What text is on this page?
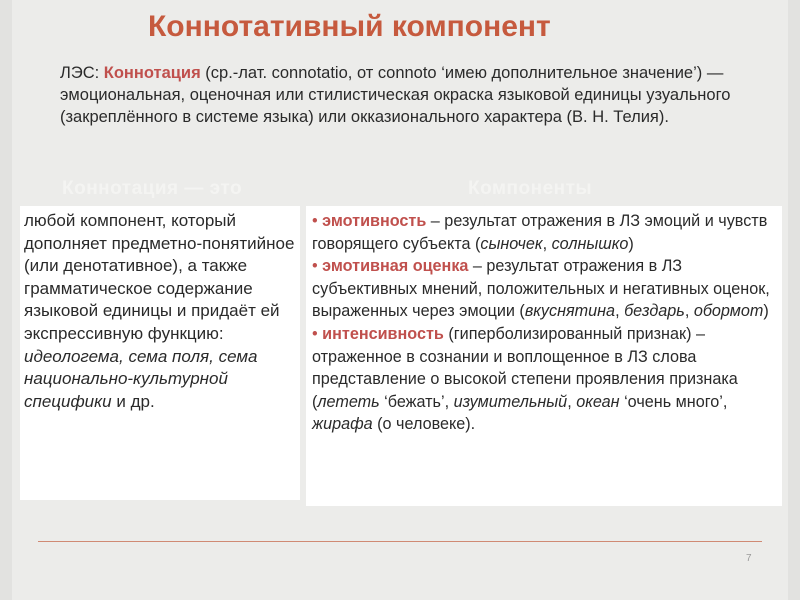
Коннотативный компонент
ЛЭС: Коннотация (ср.-лат. connotatio, от connoto ‘имею дополнительное значение’) — эмоциональная, оценочная или стилистическая окраска языковой единицы узуального (закреплённого в системе языка) или окказионального характера (В. Н. Телия).
Коннотация — это	Компоненты
любой компонент, который дополняет предметно-понятийное (или денотативное), а также грамматическое содержание языковой единицы и придаёт ей экспрессивную функцию: идеологема, сема поля, сема национально-культурной специфики и др.
• эмотивность – результат отражения в ЛЗ эмоций и чувств говорящего субъекта (сыночек, солнышко)
• эмотивная оценка – результат отражения в ЛЗ субъективных мнений, положительных и негативных оценок, выраженных через эмоции (вкуснятина, бездарь, обормот)
• интенсивность (гиперболизированный признак) – отраженное в сознании и воплощенное в ЛЗ слова представление о высокой степени проявления признака (лететь ‘бежать’, изумительный, океан ‘очень много’, жирафа (о человеке).
7
